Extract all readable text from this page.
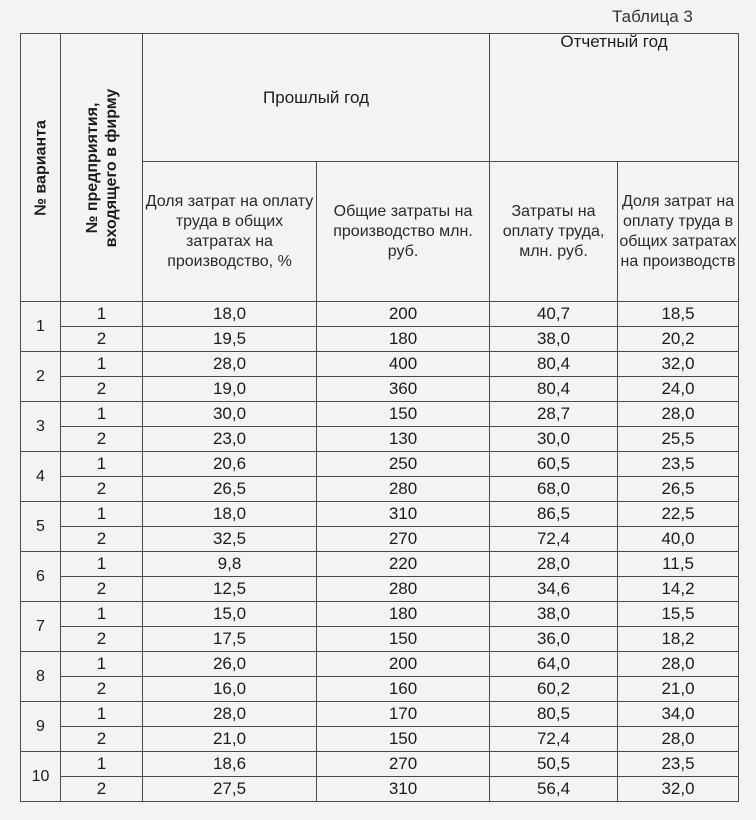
Таблица 3
№ варианта	№ предприятия, входящего в фирму	Прошлый год		Отчетный год	

		Доля затрат на оплату труда в общих затратах на производство, %	Общие затраты на производство млн. руб.	Затраты на оплату труда, млн. руб.	Доля затрат на оплату труда в общих затратах на производств
1	1	18,0	200	40,7	18,5
	2	19,5	180	38,0	20,2
2	1	28,0	400	80,4	32,0
	2	19,0	360	80,4	24,0
3	1	30,0	150	28,7	28,0
	2	23,0	130	30,0	25,5
4	1	20,6	250	60,5	23,5
	2	26,5	280	68,0	26,5
5	1	18,0	310	86,5	22,5
	2	32,5	270	72,4	40,0
6	1	9,8	220	28,0	11,5
	2	12,5	280	34,6	14,2
7	1	15,0	180	38,0	15,5
	2	17,5	150	36,0	18,2
8	1	26,0	200	64,0	28,0
	2	16,0	160	60,2	21,0
9	1	28,0	170	80,5	34,0
	2	21,0	150	72,4	28,0
10	1	18,6	270	50,5	23,5
	2	27,5	310	56,4	32,0
